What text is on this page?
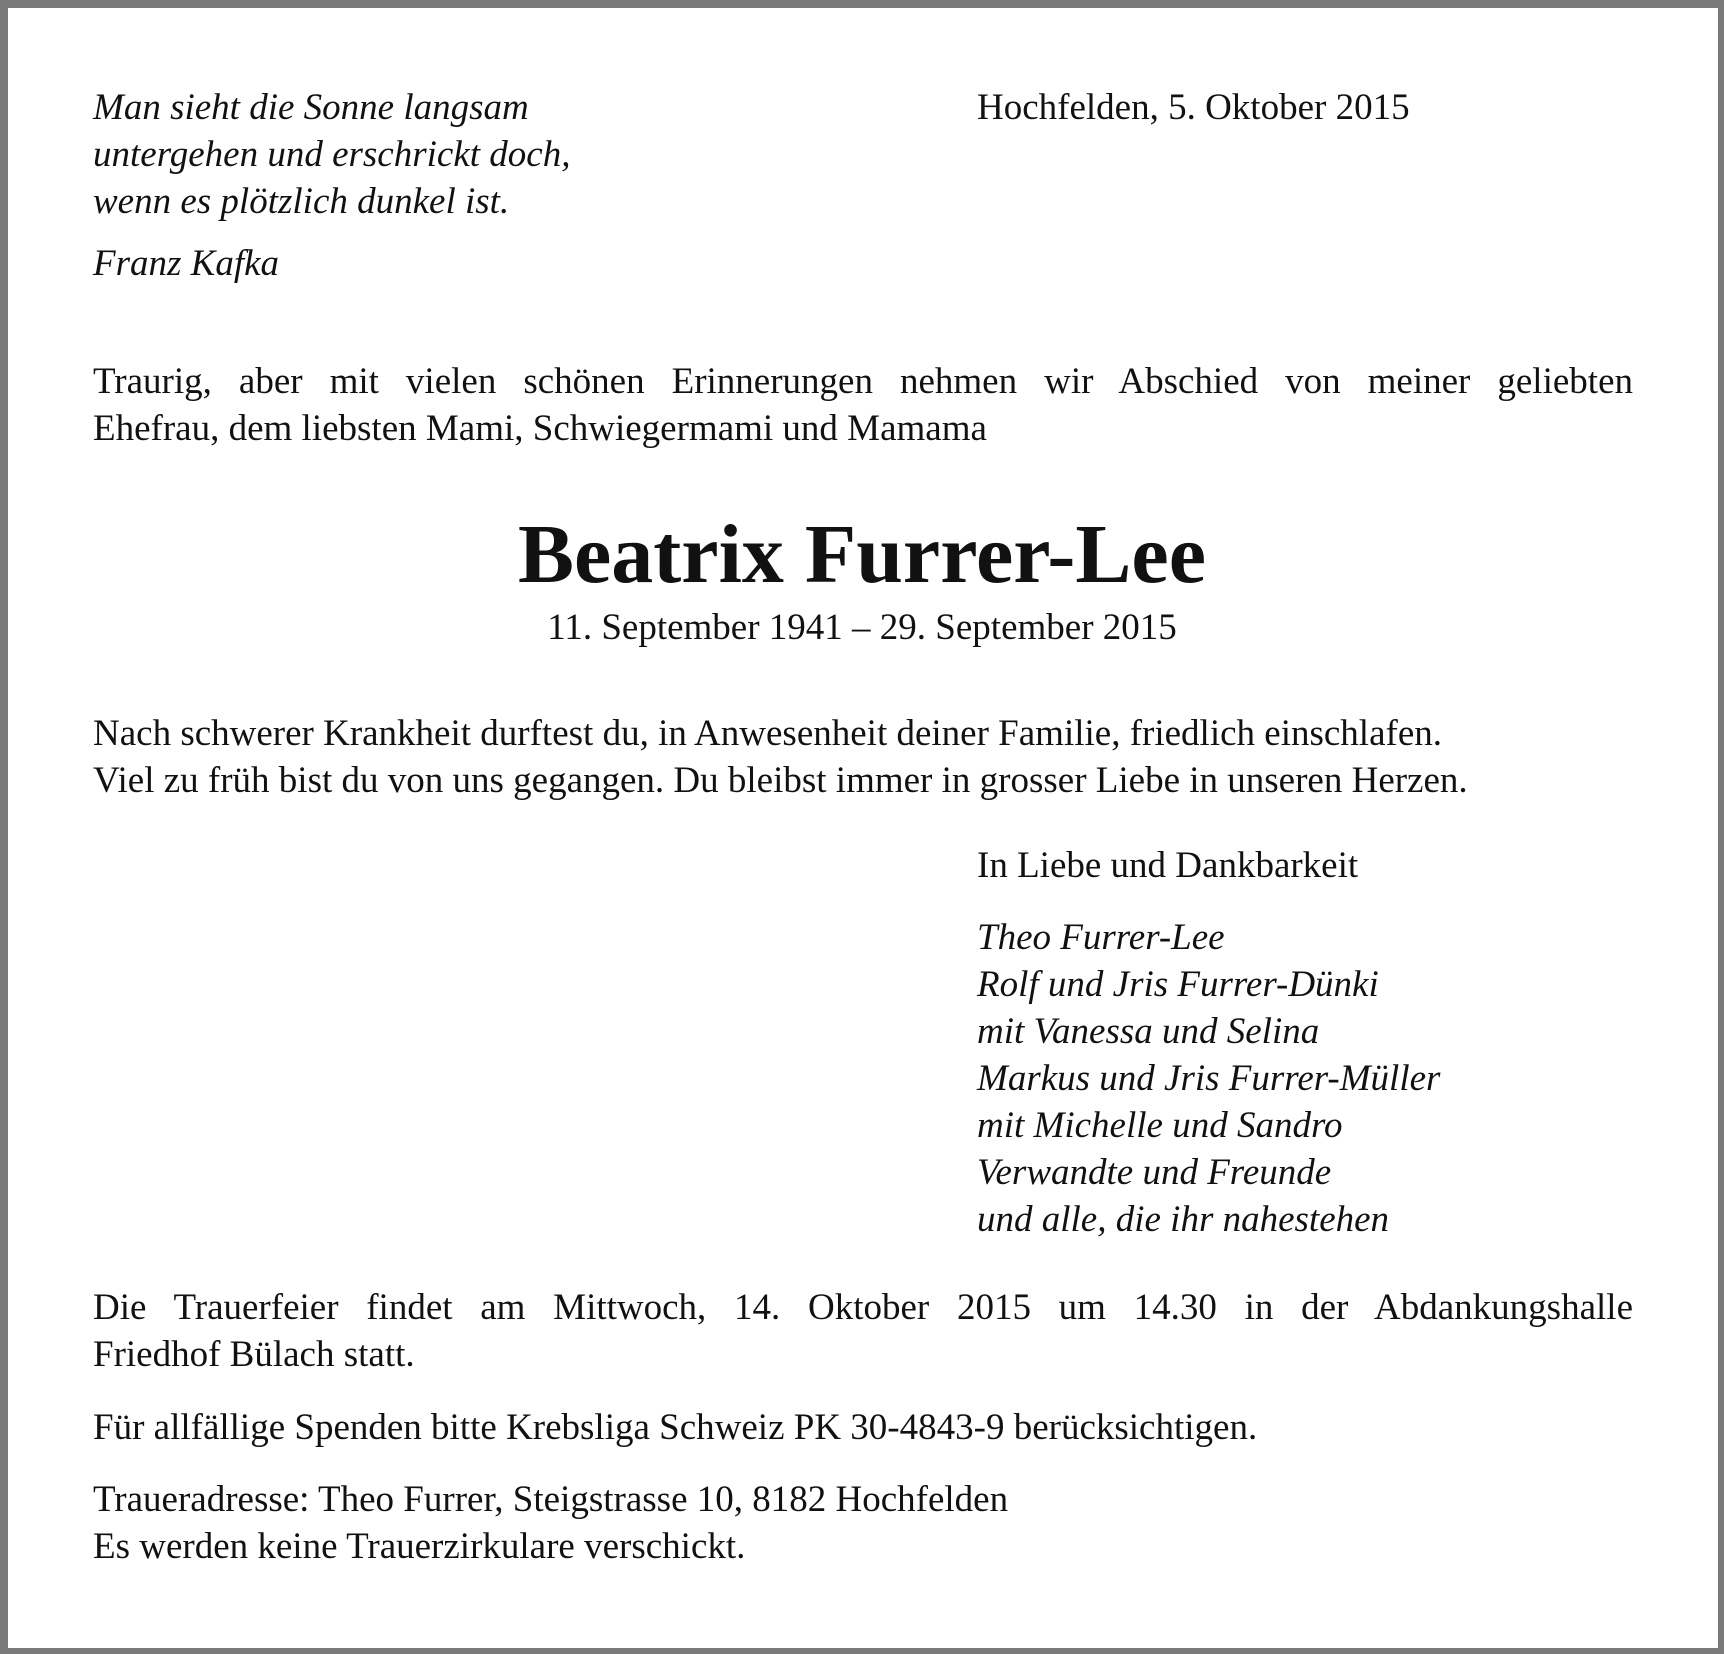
Man sieht die Sonne langsam
untergehen und erschrickt doch,
wenn es plötzlich dunkel ist.
Franz Kafka
Hochfelden, 5. Oktober 2015
Traurig, aber mit vielen schönen Erinnerungen nehmen wir Abschied von meiner geliebten
Ehefrau, dem liebsten Mami, Schwiegermami und Mamama
Beatrix Furrer-Lee
11. September 1941 – 29. September 2015
Nach schwerer Krankheit durftest du, in Anwesenheit deiner Familie, friedlich einschlafen.
Viel zu früh bist du von uns gegangen. Du bleibst immer in grosser Liebe in unseren Herzen.
In Liebe und Dankbarkeit
Theo Furrer-Lee
Rolf und Jris Furrer-Dünki
mit Vanessa und Selina
Markus und Jris Furrer-Müller
mit Michelle und Sandro
Verwandte und Freunde
und alle, die ihr nahestehen
Die Trauerfeier findet am Mittwoch, 14. Oktober 2015 um 14.30 in der Abdankungshalle
Friedhof Bülach statt.
Für allfällige Spenden bitte Krebsliga Schweiz PK 30-4843-9 berücksichtigen.
Traueradresse: Theo Furrer, Steigstrasse 10, 8182 Hochfelden
Es werden keine Trauerzirkulare verschickt.
